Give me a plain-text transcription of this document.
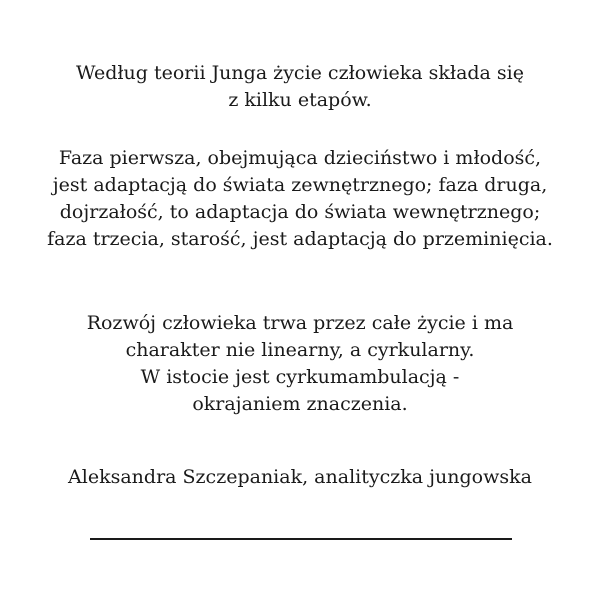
Według teorii Junga życie człowieka składa się
z kilku etapów.

Faza pierwsza, obejmująca dzieciństwo i młodość,
jest adaptacją do świata zewnętrznego; faza druga,
dojrzałość, to adaptacja do świata wewnętrznego;
faza trzecia, starość, jest adaptacją do przeminięcia.

Rozwój człowieka trwa przez całe życie i ma
charakter nie linearny, a cyrkularny.
W istocie jest cyrkumambulacją -
okrajaniem znaczenia.

Aleksandra Szczepaniak, analityczka jungowska
